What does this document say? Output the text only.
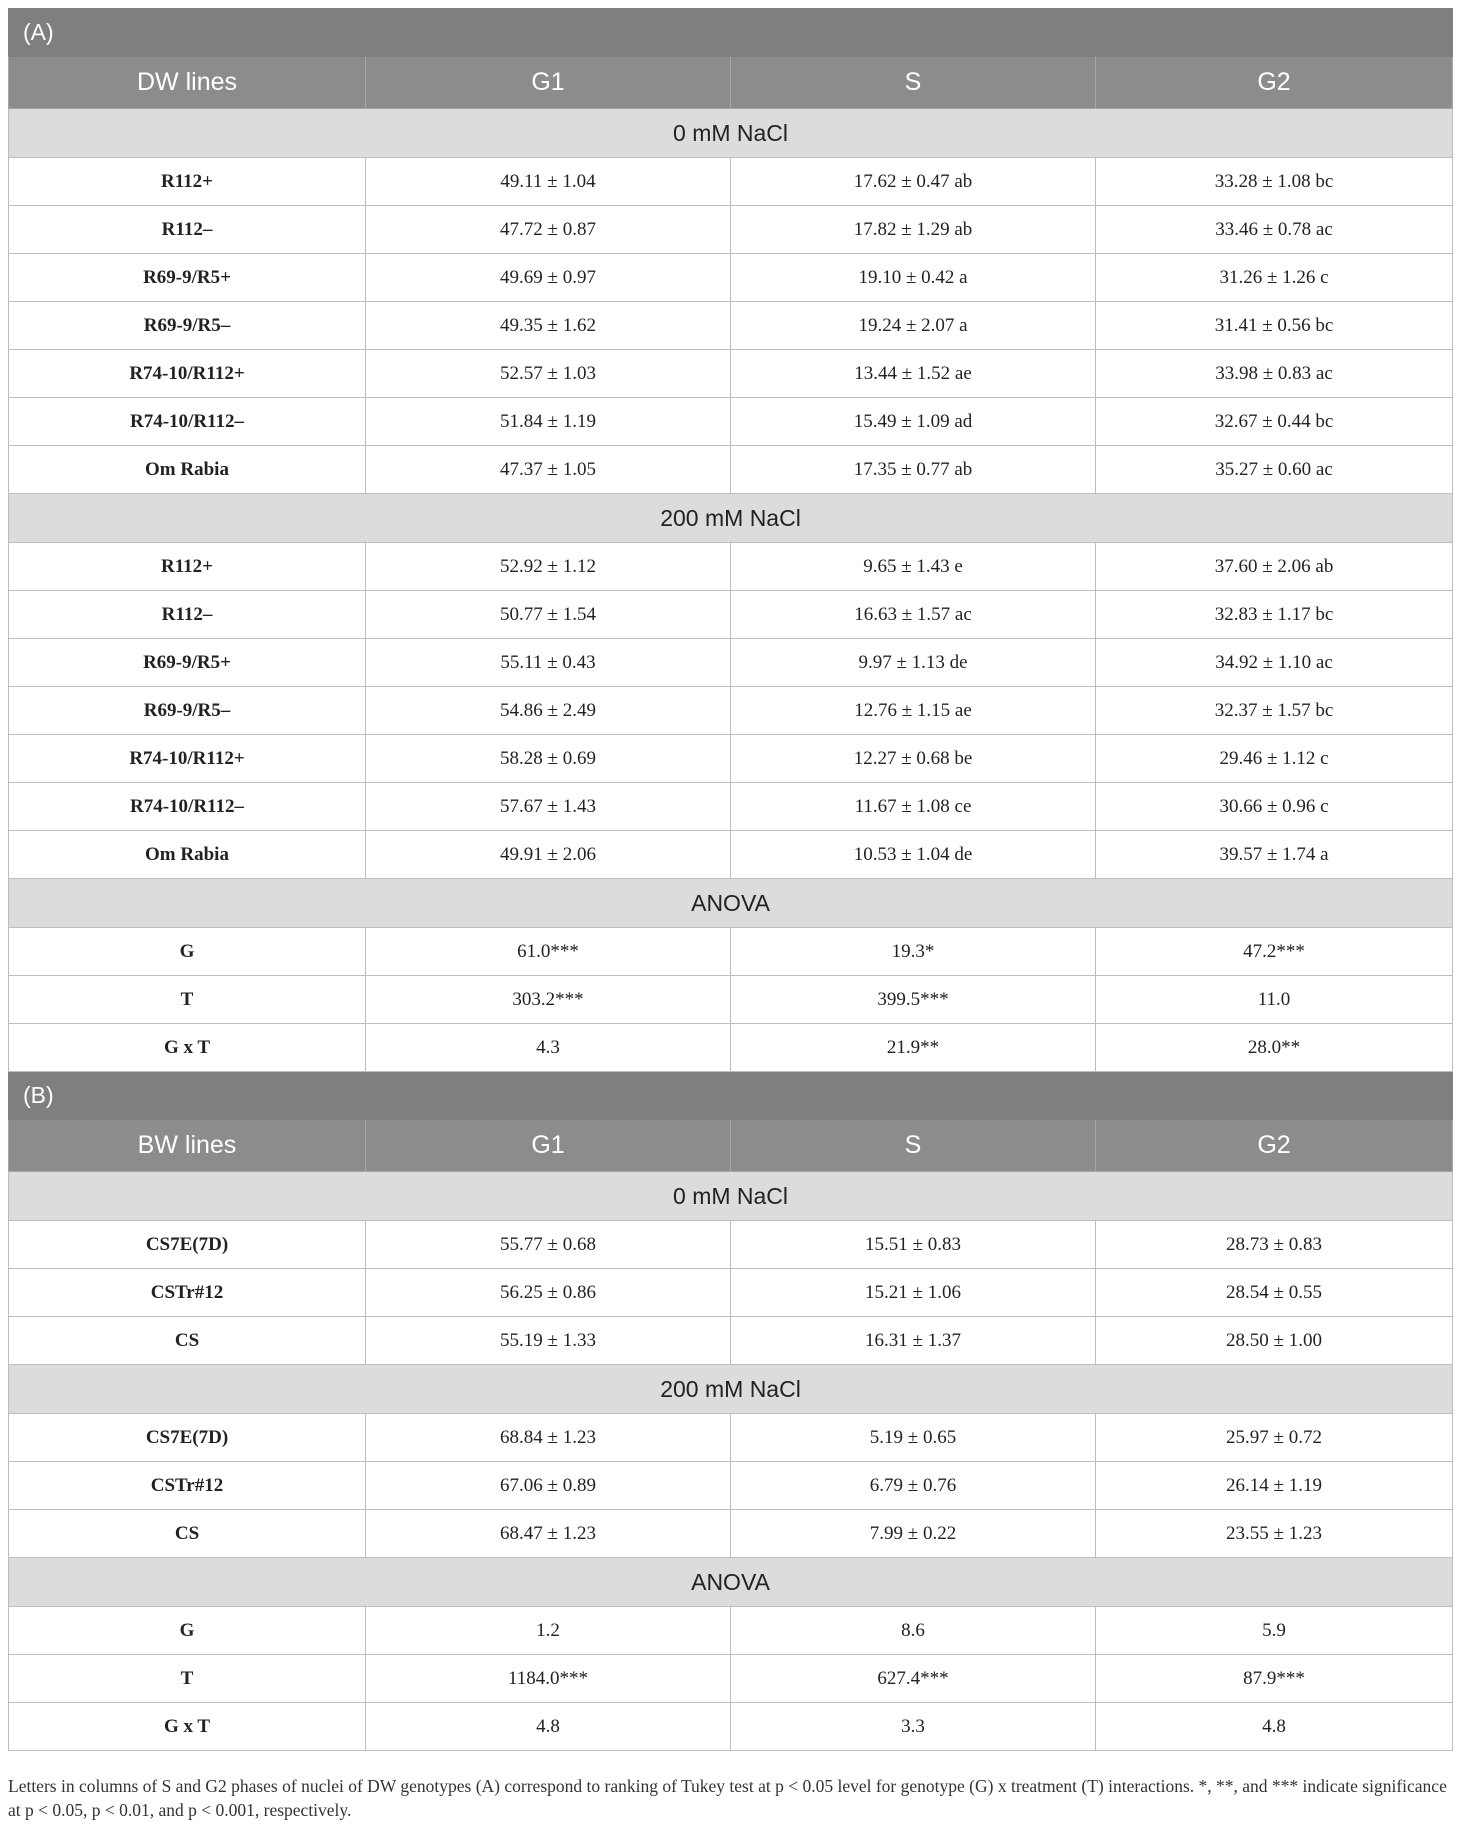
(A)			
DW lines	G1	S	G2
0 mM NaCl			
R112+	49.11 ± 1.04	17.62 ± 0.47 ab	33.28 ± 1.08 bc
R112–	47.72 ± 0.87	17.82 ± 1.29 ab	33.46 ± 0.78 ac
R69-9/R5+	49.69 ± 0.97	19.10 ± 0.42 a	31.26 ± 1.26 c
R69-9/R5–	49.35 ± 1.62	19.24 ± 2.07 a	31.41 ± 0.56 bc
R74-10/R112+	52.57 ± 1.03	13.44 ± 1.52 ae	33.98 ± 0.83 ac
R74-10/R112–	51.84 ± 1.19	15.49 ± 1.09 ad	32.67 ± 0.44 bc
Om Rabia	47.37 ± 1.05	17.35 ± 0.77 ab	35.27 ± 0.60 ac
200 mM NaCl			
R112+	52.92 ± 1.12	9.65 ± 1.43 e	37.60 ± 2.06 ab
R112–	50.77 ± 1.54	16.63 ± 1.57 ac	32.83 ± 1.17 bc
R69-9/R5+	55.11 ± 0.43	9.97 ± 1.13 de	34.92 ± 1.10 ac
R69-9/R5–	54.86 ± 2.49	12.76 ± 1.15 ae	32.37 ± 1.57 bc
R74-10/R112+	58.28 ± 0.69	12.27 ± 0.68 be	29.46 ± 1.12 c
R74-10/R112–	57.67 ± 1.43	11.67 ± 1.08 ce	30.66 ± 0.96 c
Om Rabia	49.91 ± 2.06	10.53 ± 1.04 de	39.57 ± 1.74 a
ANOVA			
G	61.0***	19.3*	47.2***
T	303.2***	399.5***	11.0
G x T	4.3	21.9**	28.0**
(B)			
BW lines	G1	S	G2
0 mM NaCl			
CS7E(7D)	55.77 ± 0.68	15.51 ± 0.83	28.73 ± 0.83
CSTr#12	56.25 ± 0.86	15.21 ± 1.06	28.54 ± 0.55
CS	55.19 ± 1.33	16.31 ± 1.37	28.50 ± 1.00
200 mM NaCl			
CS7E(7D)	68.84 ± 1.23	5.19 ± 0.65	25.97 ± 0.72
CSTr#12	67.06 ± 0.89	6.79 ± 0.76	26.14 ± 1.19
CS	68.47 ± 1.23	7.99 ± 0.22	23.55 ± 1.23
ANOVA			
G	1.2	8.6	5.9
T	1184.0***	627.4***	87.9***
G x T	4.8	3.3	4.8
Letters in columns of S and G2 phases of nuclei of DW genotypes (A) correspond to ranking of Tukey test at p < 0.05 level for genotype (G) x treatment (T) interactions. *, **, and *** indicate significance at p < 0.05, p < 0.01, and p < 0.001, respectively.
